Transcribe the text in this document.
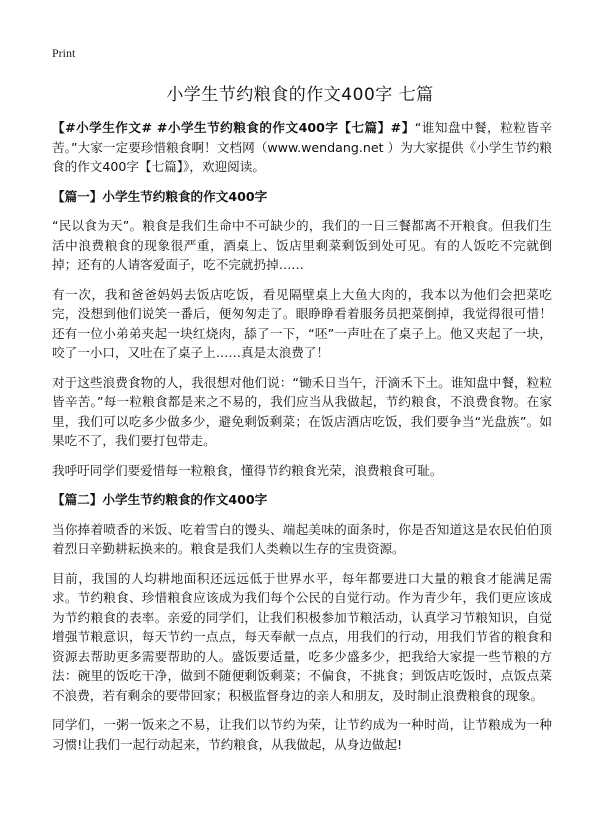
Print
小学生节约粮食的作文400字 七篇

【#小学生作文# #小学生节约粮食的作文400字【七篇】#】“谁知盘中餐，粒粒皆辛苦。”大家一定要珍惜粮食啊！文档网（www.wendang.net ）为大家提供《小学生节约粮食的作文400字【七篇】》，欢迎阅读。

【篇一】小学生节约粮食的作文400字

“民以食为天”。粮食是我们生命中不可缺少的，我们的一日三餐都离不开粮食。但我们生活中浪费粮食的现象很严重，酒桌上、饭店里剩菜剩饭到处可见。有的人饭吃不完就倒掉；还有的人请客爱面子，吃不完就扔掉……

有一次，我和爸爸妈妈去饭店吃饭，看见隔壁桌上大鱼大肉的，我本以为他们会把菜吃完，没想到他们说笑一番后，便匆匆走了。眼睁睁看着服务员把菜倒掉，我觉得很可惜！还有一位小弟弟夹起一块红烧肉，舔了一下，“呸”一声吐在了桌子上。他又夹起了一块，咬了一小口，又吐在了桌子上……真是太浪费了！

对于这些浪费食物的人，我很想对他们说：“锄禾日当午，汗滴禾下土。谁知盘中餐，粒粒皆辛苦。”每一粒粮食都是来之不易的，我们应当从我做起，节约粮食，不浪费食物。在家里，我们可以吃多少做多少，避免剩饭剩菜；在饭店酒店吃饭，我们要争当“光盘族”。如果吃不了，我们要打包带走。

我呼吁同学们要爱惜每一粒粮食，懂得节约粮食光荣，浪费粮食可耻。

【篇二】小学生节约粮食的作文400字

当你捧着喷香的米饭、吃着雪白的馒头、端起美味的面条时，你是否知道这是农民伯伯顶着烈日辛勤耕耘换来的。粮食是我们人类赖以生存的宝贵资源。

目前，我国的人均耕地面积还远远低于世界水平，每年都要进口大量的粮食才能满足需求。节约粮食、珍惜粮食应该成为我们每个公民的自觉行动。作为青少年，我们更应该成为节约粮食的表率。亲爱的同学们，让我们积极参加节粮活动，认真学习节粮知识，自觉增强节粮意识，每天节约一点点，每天奉献一点点，用我们的行动，用我们节省的粮食和资源去帮助更多需要帮助的人。盛饭要适量，吃多少盛多少，把我给大家提一些节粮的方法：碗里的饭吃干净，做到不随便剩饭剩菜；不偏食，不挑食；到饭店吃饭时，点饭点菜不浪费，若有剩余的要带回家；积极监督身边的亲人和朋友，及时制止浪费粮食的现象。

同学们，一粥一饭来之不易，让我们以节约为荣，让节约成为一种时尚，让节粮成为一种习惯!让我们一起行动起来，节约粮食，从我做起，从身边做起!
